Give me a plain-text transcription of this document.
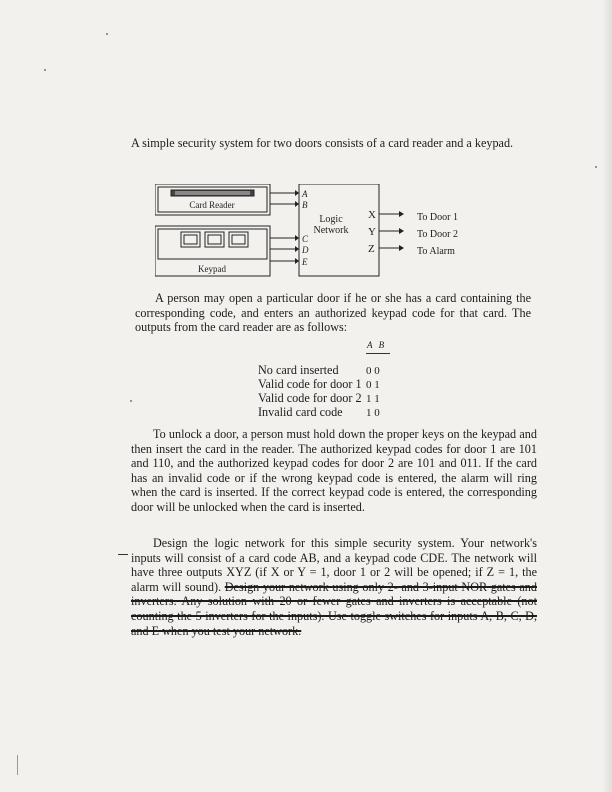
A simple security system for two doors consists of a card reader and a keypad.

Card Reader
Keypad
Logic
Network
A
B
C
D
E
X
Y
Z
To Door 1
To Door 2
To Alarm

A person may open a particular door if he or she has a card containing the corresponding code, and enters an authorized keypad code for that card. The outputs from the card reader are as follows:

A B
No card inserted 0 0
Valid code for door 1 0 1
Valid code for door 2 1 1
Invalid card code 1 0

To unlock a door, a person must hold down the proper keys on the keypad and then insert the card in the reader. The authorized keypad codes for door 1 are 101 and 110, and the authorized keypad codes for door 2 are 101 and 011. If the card has an invalid code or if the wrong keypad code is entered, the alarm will ring when the card is inserted. If the correct keypad code is entered, the corresponding door will be unlocked when the card is inserted.

Design the logic network for this simple security system. Your network's inputs will consist of a card code AB, and a keypad code CDE. The network will have three outputs XYZ (if X or Y = 1, door 1 or 2 will be opened; if Z = 1, the alarm will sound). Design your network using only 2- and 3-input NOR gates and inverters. Any solution with 20 or fewer gates and inverters is acceptable (not counting the 5 inverters for the inputs). Use toggle switches for inputs A, B, C, D, and E when you test your network.
